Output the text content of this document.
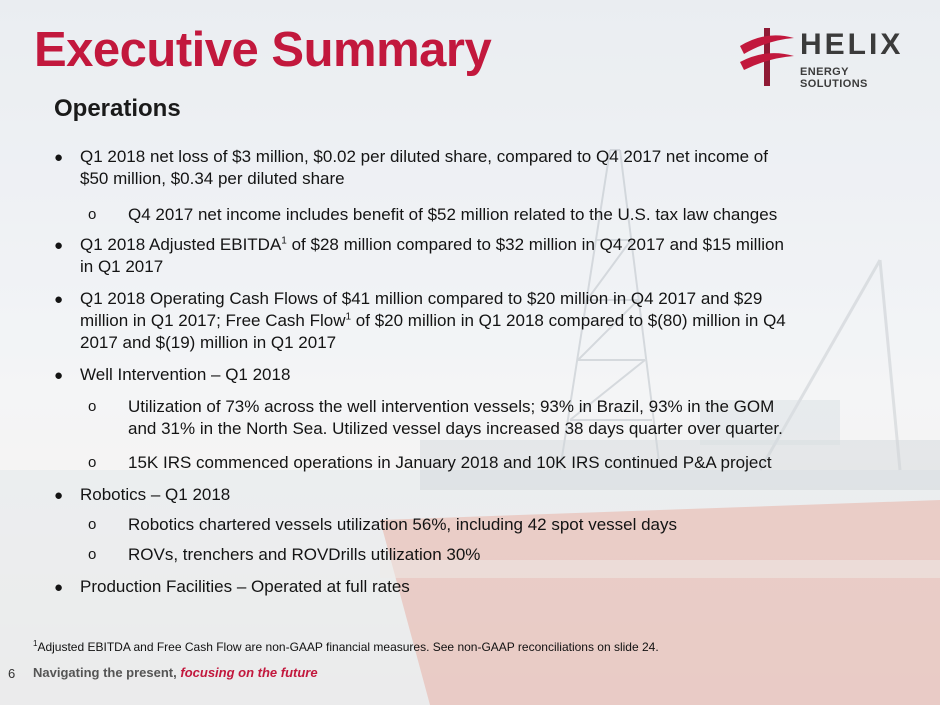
Executive Summary	HELIX
ENERGY SOLUTIONS
Operations
● Q1 2018 net loss of $3 million, $0.02 per diluted share, compared to Q4 2017 net income of
$50 million, $0.34 per diluted share
o Q4 2017 net income includes benefit of $52 million related to the U.S. tax law changes
● Q1 2018 Adjusted EBITDA$^1$ of $28 million compared to $32 million in Q4 2017 and $15 million
in Q1 2017
● Q1 2018 Operating Cash Flows of $41 million compared to $20 million in Q4 2017 and $29
million in Q1 2017; Free Cash Flow$^1$ of $20 million in Q1 2018 compared to $(80) million in Q4
2017 and $(19) million in Q1 2017
● Well Intervention – Q1 2018
o Utilization of 73% across the well intervention vessels; 93% in Brazil, 93% in the GOM
and 31% in the North Sea. Utilized vessel days increased 38 days quarter over quarter.
o 15K IRS commenced operations in January 2018 and 10K IRS continued P&A project
● Robotics – Q1 2018
o Robotics chartered vessels utilization 56%, including 42 spot vessel days
o ROVs, trenchers and ROVDrills utilization 30%
● Production Facilities – Operated at full rates
$^1$Adjusted EBITDA and Free Cash Flow are non-GAAP financial measures. See non-GAAP reconciliations on slide 24.
6 Navigating the present, focusing on the future
